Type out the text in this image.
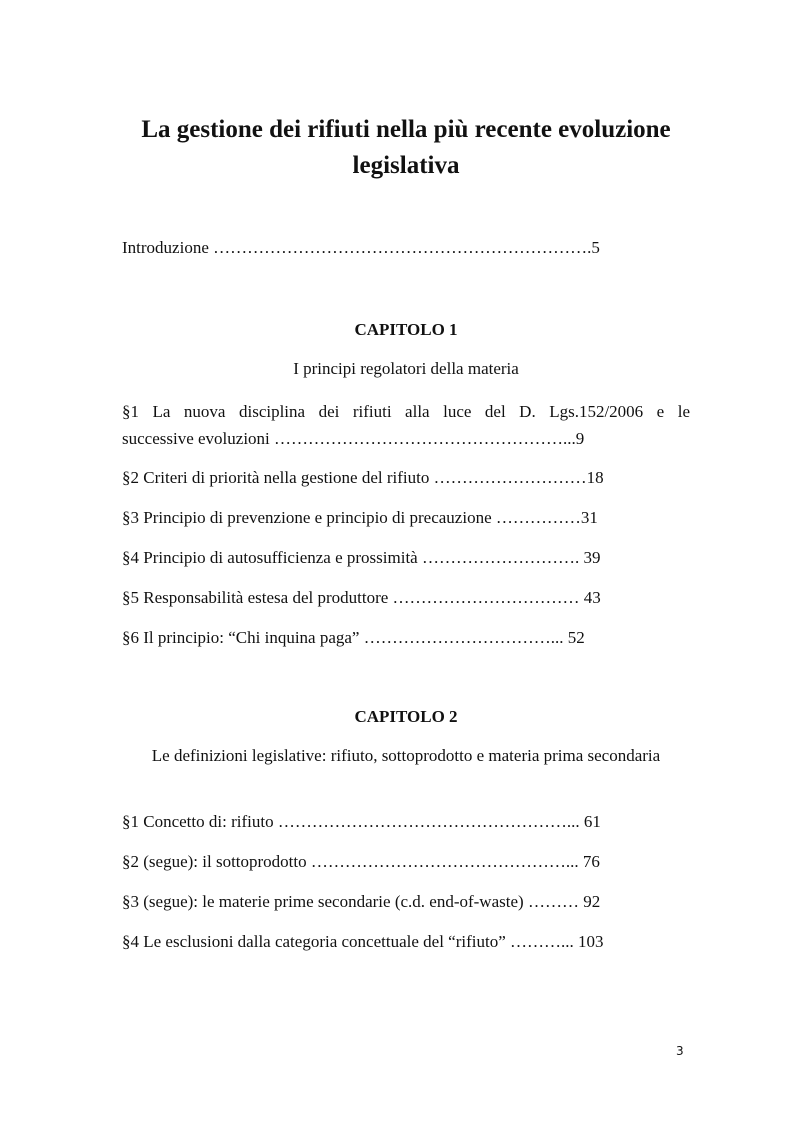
La gestione dei rifiuti nella più recente evoluzione legislativa

Introduzione ………………………………………………………….5

CAPITOLO 1

I principi regolatori della materia

§1 La nuova disciplina dei rifiuti alla luce del D. Lgs.152/2006 e le
successive evoluzioni ……………………………………………...9

§2 Criteri di priorità nella gestione del rifiuto ………………………18

§3 Principio di prevenzione e principio di precauzione ……………31

§4 Principio di autosufficienza e prossimità ………………………. 39

§5 Responsabilità estesa del produttore …………………………… 43

§6 Il principio: “Chi inquina paga” ……………………………... 52

CAPITOLO 2

Le definizioni legislative: rifiuto, sottoprodotto e materia prima secondaria

§1 Concetto di: rifiuto ……………………………………………... 61

§2 (segue): il sottoprodotto ………………………………………... 76

§3 (segue): le materie prime secondarie (c.d. end-of-waste) ……… 92

§4 Le esclusioni dalla categoria concettuale del “rifiuto” ………... 103

3
